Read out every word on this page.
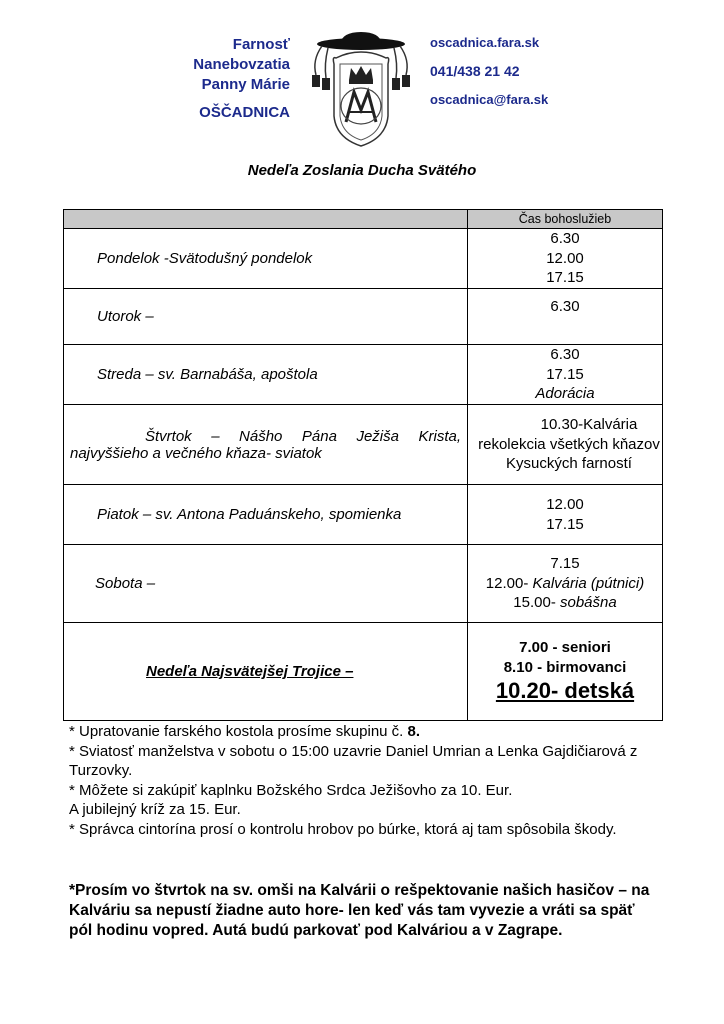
Farnosť
Nanebovzatia
Panny Márie
OŠČADNICA
oscadnica.fara.sk
041/438 21 42
oscadnica@fara.sk
Nedeľa Zoslania Ducha Svätého
	Čas bohoslužieb

Pondelok -Svätodušný pondelok	6.30
12.00
17.15

Utorok –	6.30

Streda – sv. Barnabáša, apoštola	6.30
17.15
Adorácia

Štvrtok – Nášho Pána Ježiša Krista, najvyššieho a večného kňaza- sviatok	10.30-Kalvária rekolekcia všetkých kňazov Kysuckých farností

Piatok – sv. Antona Paduánskeho, spomienka	12.00
17.15

Sobota –	7.15
12.00- Kalvária (pútnici)
15.00- sobášna

Nedeľa Najsvätejšej Trojice –	7.00 - seniori
8.10 - birmovanci
10.20- detská

* Upratovanie farského kostola prosíme skupinu č. 8.

* Sviatosť manželstva v sobotu o 15:00 uzavrie Daniel Umrian a Lenka Gajdičiarová z Turzovky.

* Môžete si zakúpiť kaplnku Božského Srdca Ježišovho za 10. Eur.

A jubilejný kríž za 15. Eur.

* Správca cintorína prosí o kontrolu hrobov po búrke, ktorá aj tam spôsobila škody.

*Prosím vo štvrtok na sv. omši na Kalvárii o rešpektovanie našich hasičov – na Kalváriu sa nepustí žiadne auto hore- len keď vás tam vyvezie a vráti sa späť pól hodinu vopred. Autá budú parkovať pod Kalváriou a v Zagrape.
